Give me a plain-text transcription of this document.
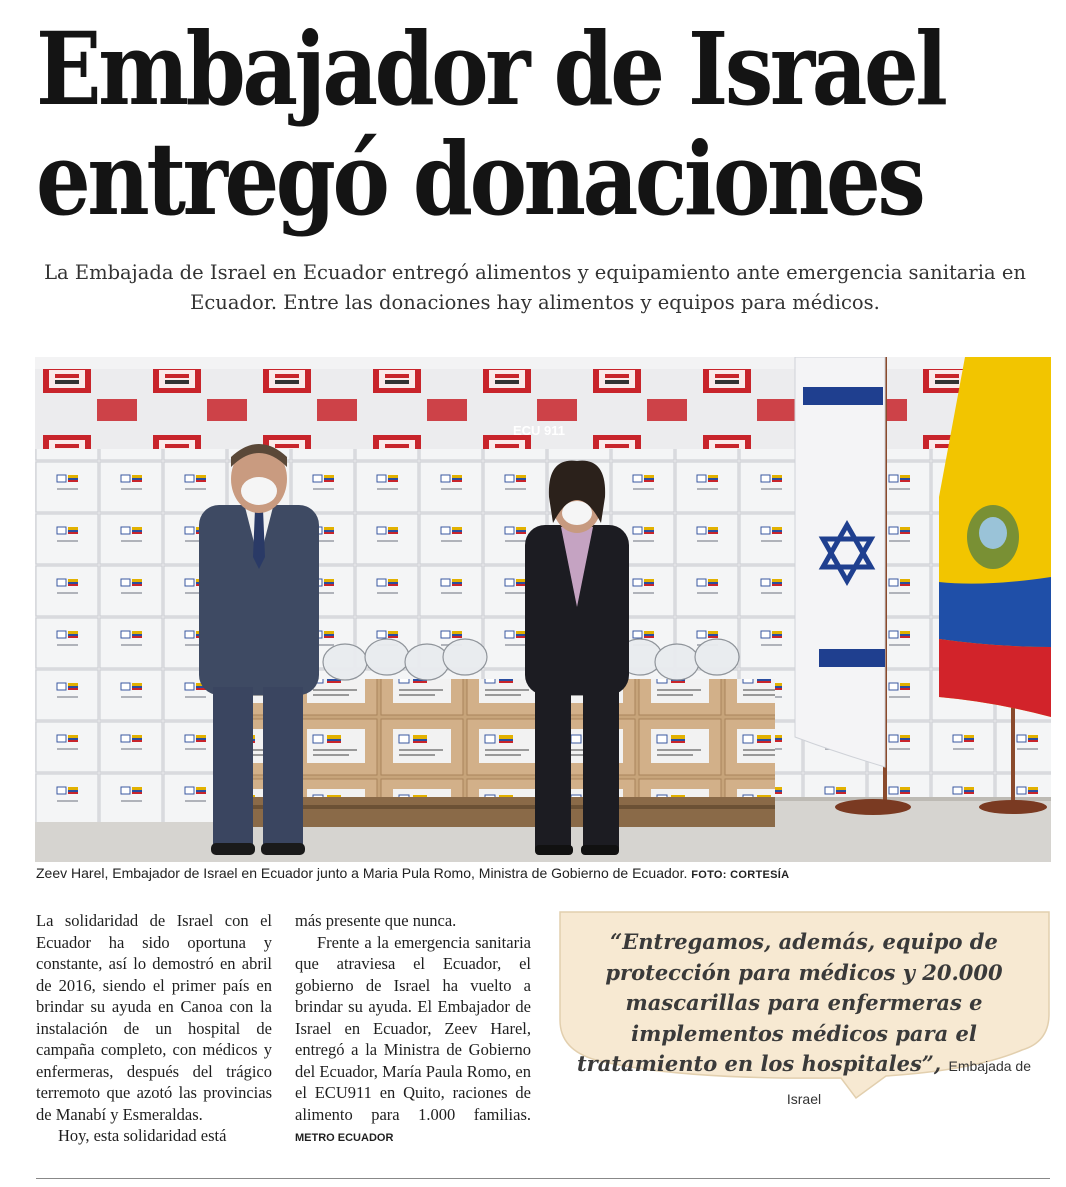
Embajador de Israel
entregó donaciones

La Embajada de Israel en Ecuador entregó alimentos y equipamiento ante emergencia sanitaria en Ecuador. Entre las donaciones hay alimentos y equipos para médicos.

ECU 911

Zeev Harel, Embajador de Israel en Ecuador junto a Maria Pula Romo, Ministra de Gobierno de Ecuador. FOTO: CORTESÍA

La solidaridad de Israel con el Ecuador ha sido oportuna y constante, así lo demostró en abril de 2016, siendo el primer país en brindar su ayuda en Canoa con la instalación de un hospital de campaña completo, con médicos y enfermeras, después del trágico terremoto que azotó las provincias de Manabí y Esmeraldas.

Hoy, esta solidaridad está

más presente que nunca.

Frente a la emergencia sanitaria que atraviesa el Ecuador, el gobierno de Israel ha vuelto a brindar su ayuda. El Embajador de Israel en Ecuador, Zeev Harel, entregó a la Ministra de Gobierno del Ecuador, María Paula Romo, en el ECU911 en Quito, raciones de alimento para 1.000 familias. METRO ECUADOR

“Entregamos, además, equipo de protección para médicos y 20.000 mascarillas para enfermeras e implementos médicos para el tratamiento en los hospitales”, Embajada de Israel
